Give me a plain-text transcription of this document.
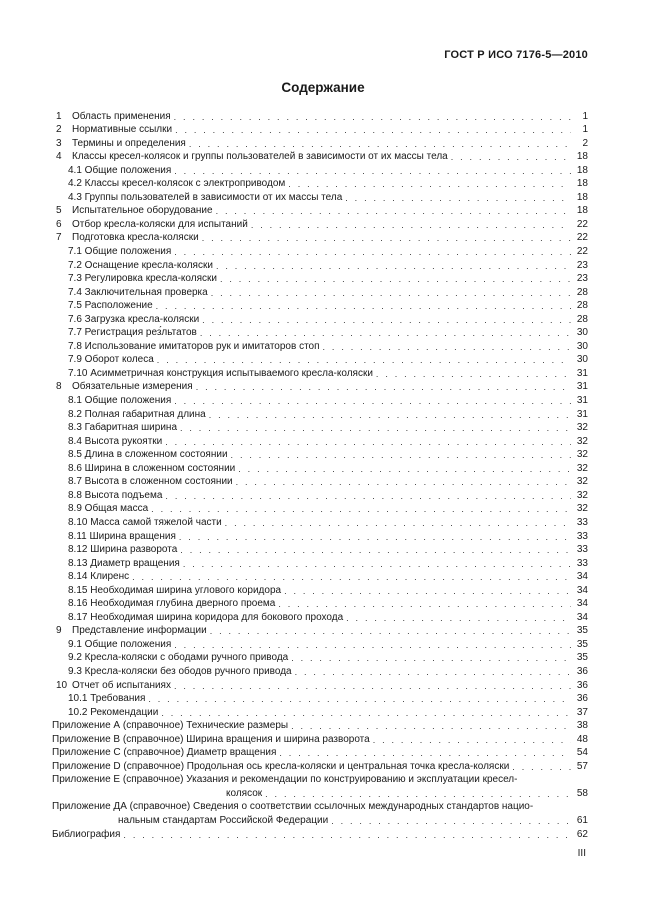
ГОСТ Р ИСО 7176-5—2010
Содержание
1 Область применения . . .	1
2 Нормативные ссылки . . .	1
3 Термины и определения . . .	2
4 Классы кресел-колясок и группы пользователей в зависимости от их массы тела . . .	18
4.1 Общие положения . . .	18
4.2 Классы кресел-колясок с электроприводом . . .	18
4.3 Группы пользователей в зависимости от их массы тела . . .	18
5 Испытательное оборудование . . .	18
6 Отбор кресла-коляски для испытаний . . .	22
7 Подготовка кресла-коляски . . .	22
7.1 Общие положения . . .	22
7.2 Оснащение кресла-коляски . . .	23
7.3 Регулировка кресла-коляски . . .	23
7.4 Заключительная проверка . . .	28
7.5 Расположение . . .	28
7.6 Загрузка кресла-коляски . . .	28
7.7 Регистрация рез́льтатов . . .	30
7.8 Использование имитаторов рук и имитаторов стоп . . .	30
7.9 Оборот колеса . . .	30
7.10 Асимметричная конструкция испытываемого кресла-коляски . . .	31
8 Обязательные измерения . . .	31
8.1 Общие положения . . .	31
8.2 Полная габаритная длина . . .	31
8.3 Габаритная ширина . . .	32
8.4 Высота рукоятки . . .	32
8.5 Длина в сложенном состоянии . . .	32
8.6 Ширина в сложенном состоянии . . .	32
8.7 Высота в сложенном состоянии . . .	32
8.8 Высота подъема . . .	32
8.9 Общая масса . . .	32
8.10 Масса самой тяжелой части . . .	33
8.11 Ширина вращения . . .	33
8.12 Ширина разворота . . .	33
8.13 Диаметр вращения . . .	33
8.14 Клиренс . . .	34
8.15 Необходимая ширина углового коридора . . .	34
8.16 Необходимая глубина дверного проема . . .	34
8.17 Необходимая ширина коридора для бокового прохода . . .	34
9 Представление информации . . .	35
9.1 Общие положения . . .	35
9.2 Кресла-коляски с ободами ручного привода . . .	35
9.3 Кресла-коляски без ободов ручного привода . . .	36
10 Отчет об испытаниях . . .	36
10.1 Требования . . .	36
10.2 Рекомендации . . .	37
Приложение А (справочное) Технические размеры . . .	38
Приложение В (справочное) Ширина вращения и ширина разворота . . .	48
Приложение С (справочное) Диаметр вращения . . .	54
Приложение D (справочное) Продольная ось кресла-коляски и центральная точка кресла-коляски . . .	57
Приложение Е (справочное) Указания и рекомендации по конструированию и эксплуатации кресел-
колясок . . .	58
Приложение ДА (справочное) Сведения о соответствии ссылочных международных стандартов нацио-
нальным стандартам Российской Федерации . . .	61
Библиография . . .	62
III
